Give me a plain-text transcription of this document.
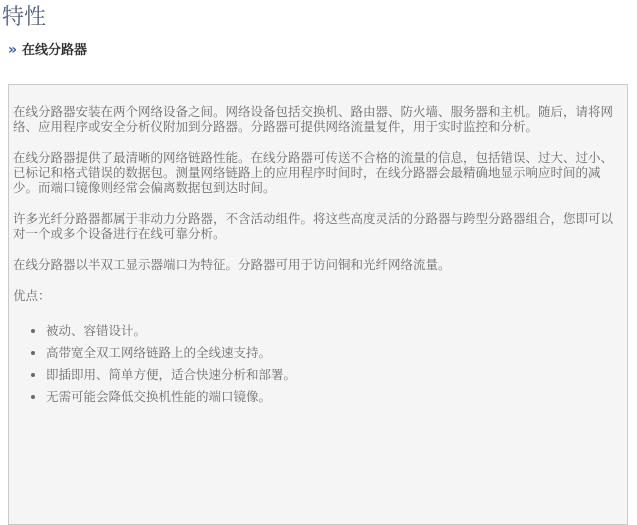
特性
» 在线分路器

在线分路器安装在两个网络设备之间。网络设备包括交换机、路由器、防火墙、服务器和主机。随后，请将网络、应用程序或安全分析仪附加到分路器。分路器可提供网络流量复件，用于实时监控和分析。

在线分路器提供了最清晰的网络链路性能。在线分路器可传送不合格的流量的信息，包括错误、过大、过小、已标记和格式错误的数据包。测量网络链路上的应用程序时间时，在线分路器会最精确地显示响应时间的减少。而端口镜像则经常会偏离数据包到达时间。

许多光纤分路器都属于非动力分路器，不含活动组件。将这些高度灵活的分路器与跨型分路器组合，您即可以对一个或多个设备进行在线可靠分析。

在线分路器以半双工显示器端口为特征。分路器可用于访问铜和光纤网络流量。

优点：

• 被动、容错设计。
• 高带宽全双工网络链路上的全线速支持。
• 即插即用、简单方便，适合快速分析和部署。
• 无需可能会降低交换机性能的端口镜像。
